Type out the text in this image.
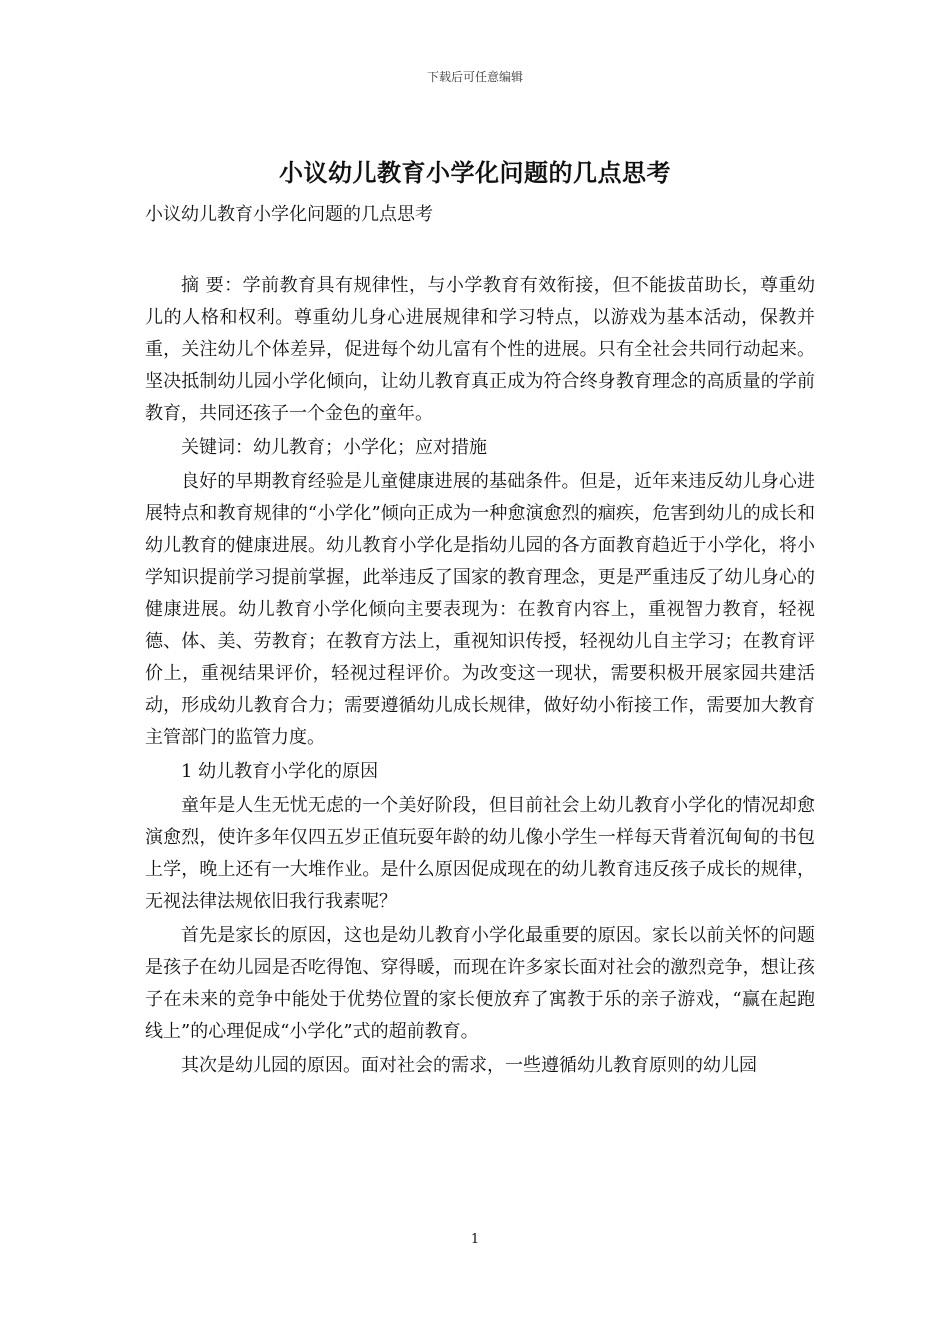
下载后可任意编辑
小议幼儿教育小学化问题的几点思考
小议幼儿教育小学化问题的几点思考

摘 要：学前教育具有规律性，与小学教育有效衔接，但不能拔苗助长，尊重幼儿的人格和权利。尊重幼儿身心进展规律和学习特点，以游戏为基本活动，保教并重，关注幼儿个体差异，促进每个幼儿富有个性的进展。只有全社会共同行动起来。坚决抵制幼儿园小学化倾向，让幼儿教育真正成为符合终身教育理念的高质量的学前教育，共同还孩子一个金色的童年。

关键词：幼儿教育；小学化；应对措施

良好的早期教育经验是儿童健康进展的基础条件。但是，近年来违反幼儿身心进展特点和教育规律的“小学化”倾向正成为一种愈演愈烈的痼疾，危害到幼儿的成长和幼儿教育的健康进展。幼儿教育小学化是指幼儿园的各方面教育趋近于小学化，将小学知识提前学习提前掌握，此举违反了国家的教育理念，更是严重违反了幼儿身心的健康进展。幼儿教育小学化倾向主要表现为：在教育内容上，重视智力教育，轻视德、体、美、劳教育；在教育方法上，重视知识传授，轻视幼儿自主学习；在教育评价上，重视结果评价，轻视过程评价。为改变这一现状，需要积极开展家园共建活动，形成幼儿教育合力；需要遵循幼儿成长规律，做好幼小衔接工作，需要加大教育主管部门的监管力度。

1 幼儿教育小学化的原因

童年是人生无忧无虑的一个美好阶段，但目前社会上幼儿教育小学化的情况却愈演愈烈，使许多年仅四五岁正值玩耍年龄的幼儿像小学生一样每天背着沉甸甸的书包上学，晚上还有一大堆作业。是什么原因促成现在的幼儿教育违反孩子成长的规律，无视法律法规依旧我行我素呢？

首先是家长的原因，这也是幼儿教育小学化最重要的原因。家长以前关怀的问题是孩子在幼儿园是否吃得饱、穿得暖，而现在许多家长面对社会的激烈竞争，想让孩子在未来的竞争中能处于优势位置的家长便放弃了寓教于乐的亲子游戏，“赢在起跑线上”的心理促成“小学化”式的超前教育。

其次是幼儿园的原因。面对社会的需求，一些遵循幼儿教育原则的幼儿园

1
